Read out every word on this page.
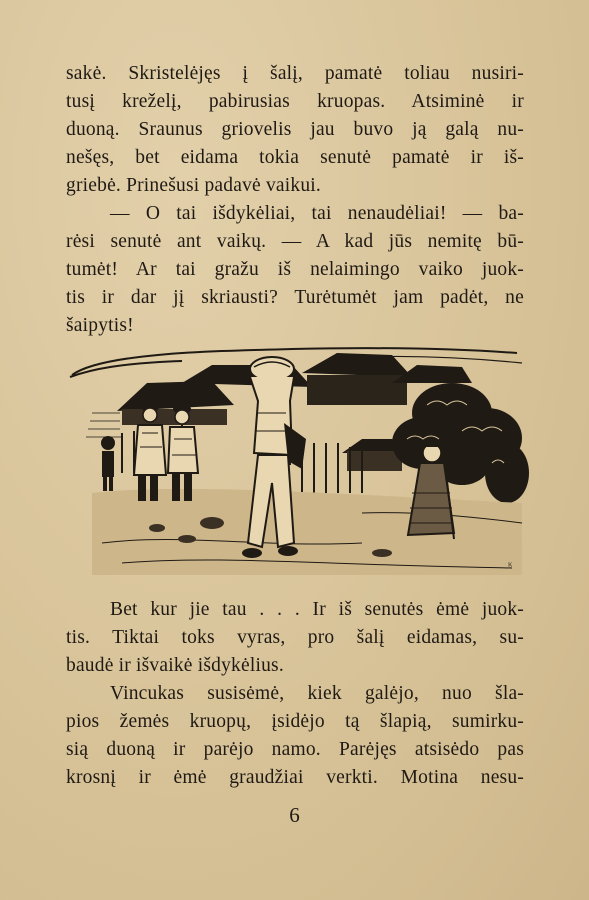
sakė. Skristelėjęs į šalį, pamatė toliau nusiri-
tusį kreželį, pabirusias kruopas. Atsiminė ir
duoną. Sraunus griovelis jau buvo ją galą nu-
nešęs, bet eidama tokia senutė pamatė ir iš-
griebė. Prinešusi padavė vaikui.

— O tai išdykėliai, tai nenaudėliai! — ba-
rėsi senutė ant vaikų. — A kad jūs nemitę bū-
tumėt! Ar tai gražu iš nelaimingo vaiko juok-
tis ir dar jį skriausti? Turėtumėt jam padėt, ne
šaipytis!

ᴷ

Bet kur jie tau . . . Ir iš senutės ėmė juok-
tis. Tiktai toks vyras, pro šalį eidamas, su-
baudė ir išvaikė išdykėlius.

Vincukas susisėmė, kiek galėjo, nuo šla-
pios žemės kruopų, įsidėjo tą šlapią, sumirku-
sią duoną ir parėjo namo. Parėjęs atsisėdo pas
krosnį ir ėmė graudžiai verkti. Motina nesu-

6
